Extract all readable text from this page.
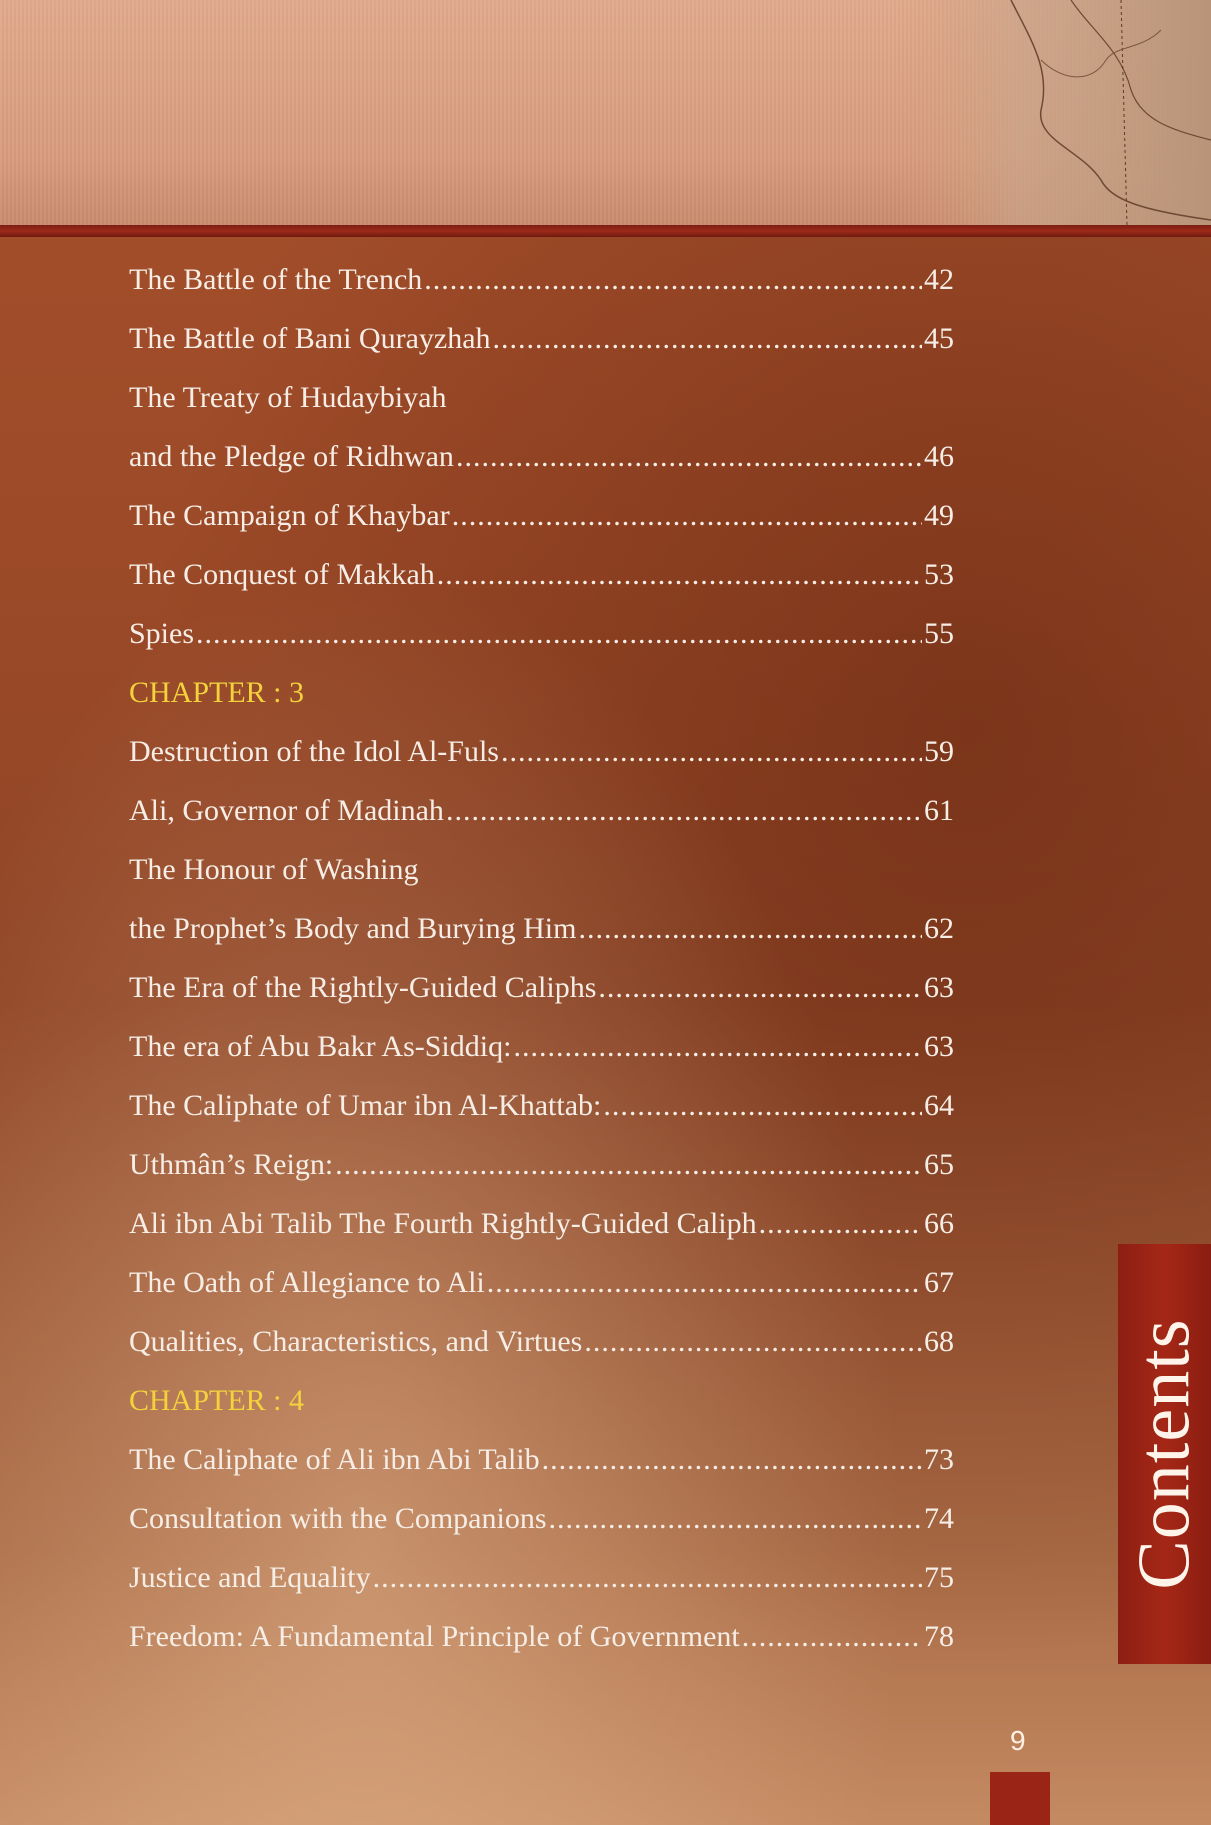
The Battle of the Trench .....	42
The Battle of Bani Qurayzhah .....	45
The Treaty of Hudaybiyah
and the Pledge of Ridhwan .....	46
The Campaign of Khaybar .....	49
The Conquest of Makkah .....	53
Spies .....	55
CHAPTER : 3
Destruction of the Idol Al-Fuls .....	59
Ali, Governor of Madinah .....	61
The Honour of Washing
the Prophet’s Body and Burying Him .....	62
The Era of the Rightly-Guided Caliphs .....	63
The era of Abu Bakr As-Siddiq: .....	63
The Caliphate of Umar ibn Al-Khattab: .....	64
Uthmân’s Reign: .....	65
Ali ibn Abi Talib The Fourth Rightly-Guided Caliph .....	66
The Oath of Allegiance to Ali .....	67
Qualities, Characteristics, and Virtues .....	68
CHAPTER : 4
The Caliphate of Ali ibn Abi Talib .....	73
Consultation with the Companions .....	74
Justice and Equality .....	75
Freedom: A Fundamental Principle of Government .....	78
Contents
9
